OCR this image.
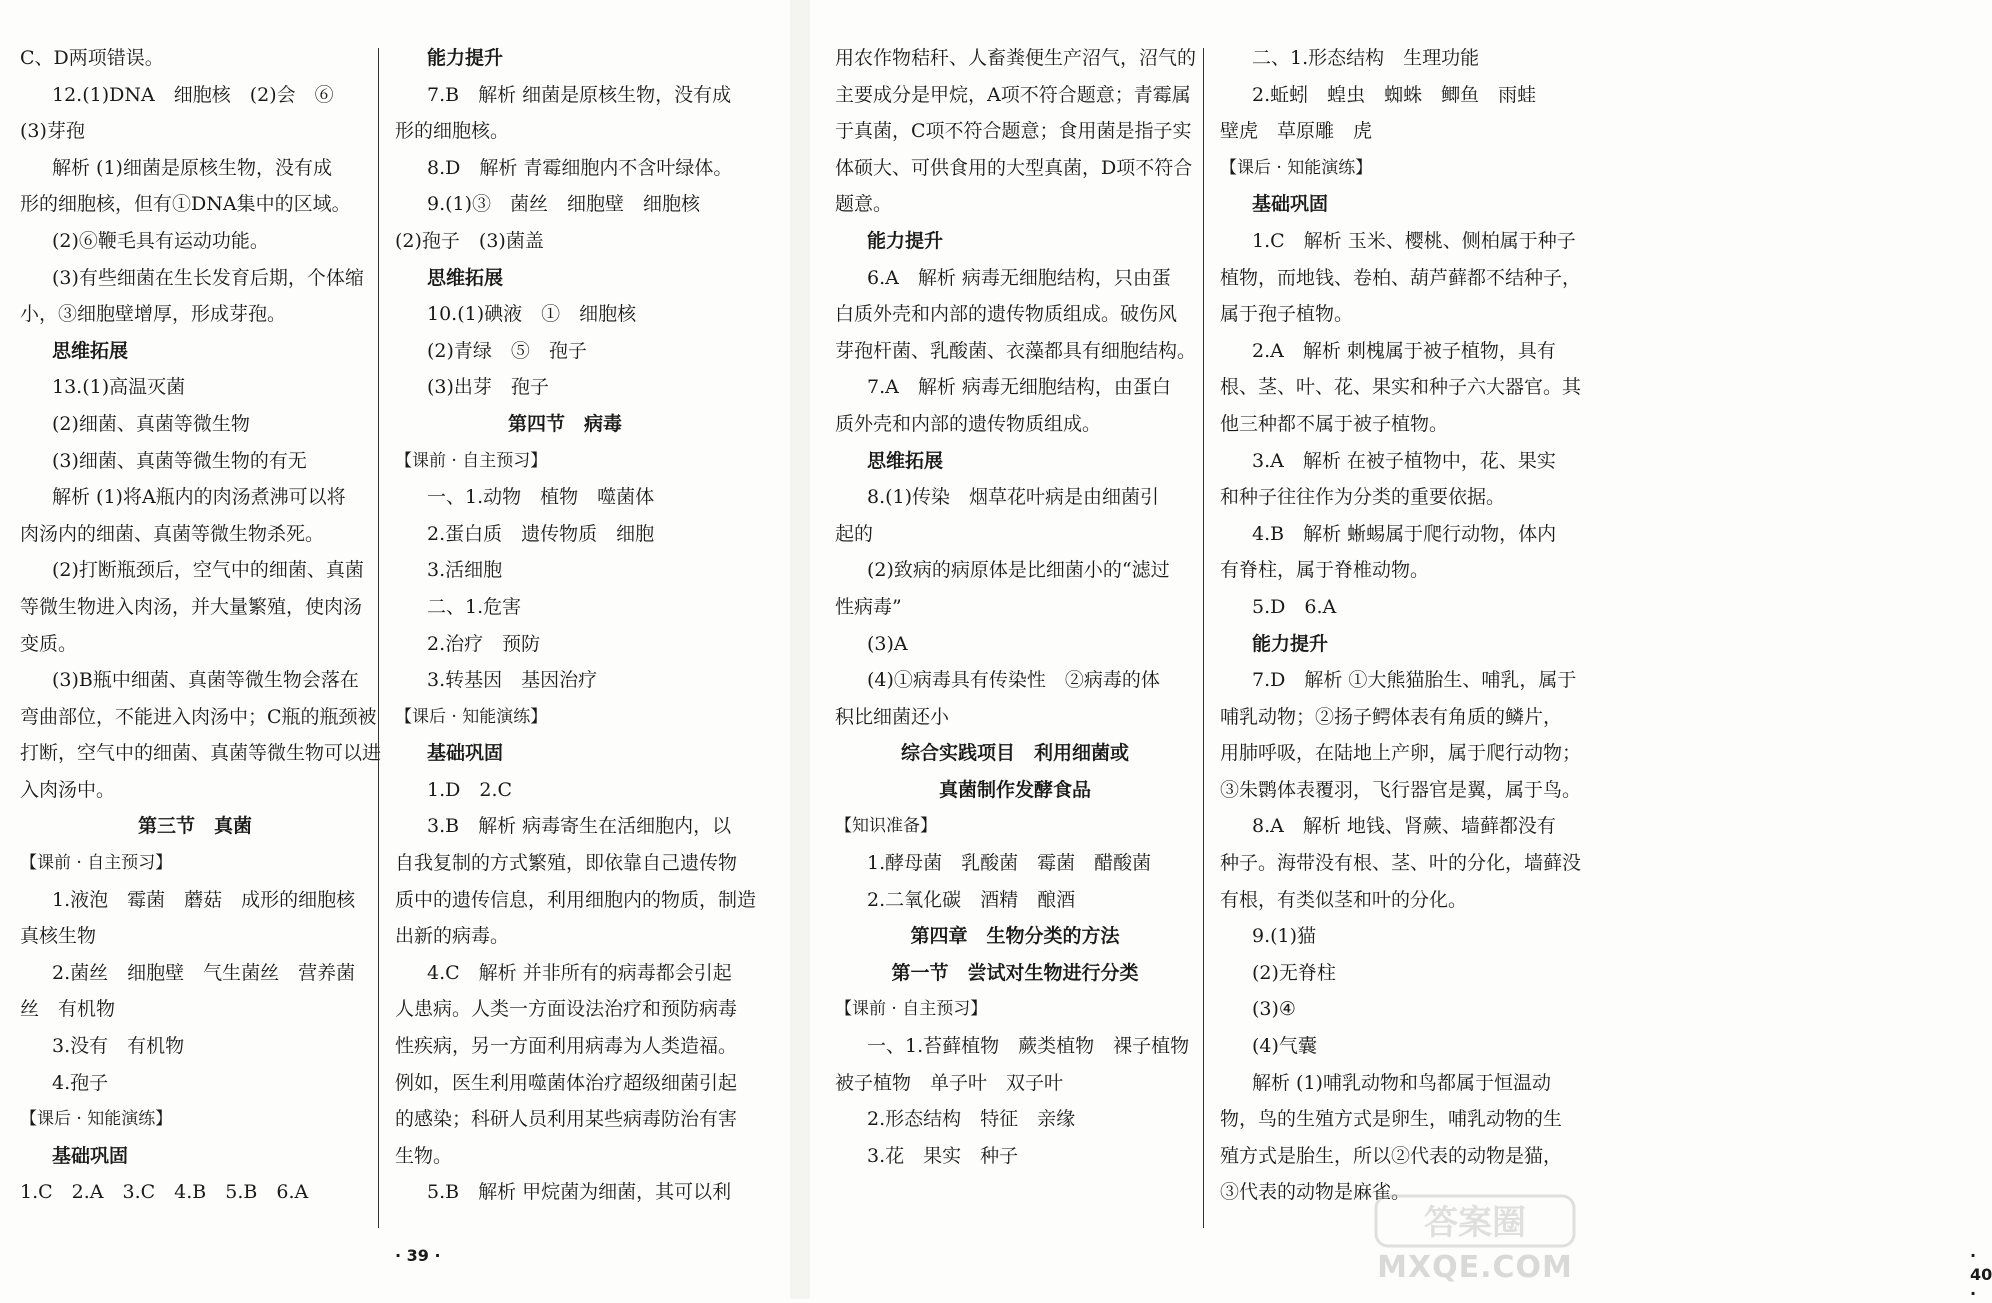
C、D两项错误。

12.(1)DNA　细胞核　(2)会　⑥

(3)芽孢

解析 (1)细菌是原核生物，没有成

形的细胞核，但有①DNA集中的区域。

(2)⑥鞭毛具有运动功能。

(3)有些细菌在生长发育后期，个体缩

小，③细胞壁增厚，形成芽孢。

思维拓展

13.(1)高温灭菌

(2)细菌、真菌等微生物

(3)细菌、真菌等微生物的有无

解析 (1)将A瓶内的肉汤煮沸可以将

肉汤内的细菌、真菌等微生物杀死。

(2)打断瓶颈后，空气中的细菌、真菌

等微生物进入肉汤，并大量繁殖，使肉汤

变质。

(3)B瓶中细菌、真菌等微生物会落在

弯曲部位，不能进入肉汤中；C瓶的瓶颈被

打断，空气中的细菌、真菌等微生物可以进

入肉汤中。

第三节　真菌

【课前 · 自主预习】

1.液泡　霉菌　蘑菇　成形的细胞核

真核生物

2.菌丝　细胞壁　气生菌丝　营养菌

丝　有机物

3.没有　有机物

4.孢子

【课后 · 知能演练】

基础巩固

1.C　2.A　3.C　4.B　5.B　6.A

能力提升

7.B　解析 细菌是原核生物，没有成

形的细胞核。

8.D　解析 青霉细胞内不含叶绿体。

9.(1)③　菌丝　细胞壁　细胞核

(2)孢子　(3)菌盖

思维拓展

10.(1)碘液　①　细胞核

(2)青绿　⑤　孢子

(3)出芽　孢子

第四节　病毒

【课前 · 自主预习】

一、1.动物　植物　噬菌体

2.蛋白质　遗传物质　细胞

3.活细胞

二、1.危害

2.治疗　预防

3.转基因　基因治疗

【课后 · 知能演练】

基础巩固

1.D　2.C

3.B　解析 病毒寄生在活细胞内，以

自我复制的方式繁殖，即依靠自己遗传物

质中的遗传信息，利用细胞内的物质，制造

出新的病毒。

4.C　解析 并非所有的病毒都会引起

人患病。人类一方面设法治疗和预防病毒

性疾病，另一方面利用病毒为人类造福。

例如，医生利用噬菌体治疗超级细菌引起

的感染；科研人员利用某些病毒防治有害

生物。

5.B　解析 甲烷菌为细菌，其可以利

· 39 ·

用农作物秸秆、人畜粪便生产沼气，沼气的

主要成分是甲烷，A项不符合题意；青霉属

于真菌，C项不符合题意；食用菌是指子实

体硕大、可供食用的大型真菌，D项不符合

题意。

能力提升

6.A　解析 病毒无细胞结构，只由蛋

白质外壳和内部的遗传物质组成。破伤风

芽孢杆菌、乳酸菌、衣藻都具有细胞结构。

7.A　解析 病毒无细胞结构，由蛋白

质外壳和内部的遗传物质组成。

思维拓展

8.(1)传染　烟草花叶病是由细菌引

起的

(2)致病的病原体是比细菌小的“滤过

性病毒”

(3)A

(4)①病毒具有传染性　②病毒的体

积比细菌还小

综合实践项目　利用细菌或

真菌制作发酵食品

【知识准备】

1.酵母菌　乳酸菌　霉菌　醋酸菌

2.二氧化碳　酒精　酿酒

第四章　生物分类的方法

第一节　尝试对生物进行分类

【课前 · 自主预习】

一、1.苔藓植物　蕨类植物　裸子植物

被子植物　单子叶　双子叶

2.形态结构　特征　亲缘

3.花　果实　种子

二、1.形态结构　生理功能

2.蚯蚓　蝗虫　蜘蛛　鲫鱼　雨蛙

壁虎　草原雕　虎

【课后 · 知能演练】

基础巩固

1.C　解析 玉米、樱桃、侧柏属于种子

植物，而地钱、卷柏、葫芦藓都不结种子，

属于孢子植物。

2.A　解析 刺槐属于被子植物，具有

根、茎、叶、花、果实和种子六大器官。其

他三种都不属于被子植物。

3.A　解析 在被子植物中，花、果实

和种子往往作为分类的重要依据。

4.B　解析 蜥蜴属于爬行动物，体内

有脊柱，属于脊椎动物。

5.D　6.A

能力提升

7.D　解析 ①大熊猫胎生、哺乳，属于

哺乳动物；②扬子鳄体表有角质的鳞片，

用肺呼吸，在陆地上产卵，属于爬行动物；

③朱鹮体表覆羽，飞行器官是翼，属于鸟。

8.A　解析 地钱、肾蕨、墙藓都没有

种子。海带没有根、茎、叶的分化，墙藓没

有根，有类似茎和叶的分化。

9.(1)猫

(2)无脊柱

(3)④

(4)气囊

解析 (1)哺乳动物和鸟都属于恒温动

物，鸟的生殖方式是卵生，哺乳动物的生

殖方式是胎生，所以②代表的动物是猫，

③代表的动物是麻雀。

· 40 ·
答案圈
MXQE.COM
